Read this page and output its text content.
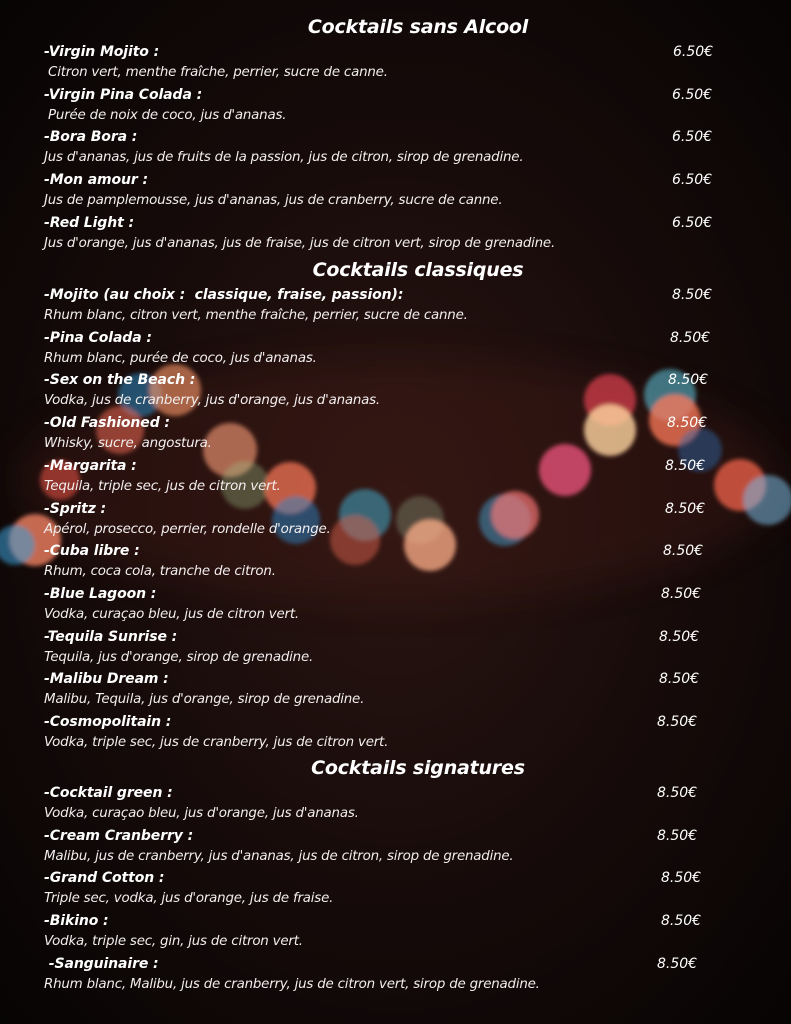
Cocktails sans Alcool
-Virgin Mojito :
Citron vert, menthe fraîche, perrier, sucre de canne.
6.50€
-Virgin Pina Colada :
Purée de noix de coco, jus d'ananas.
6.50€
-Bora Bora :
Jus d'ananas, jus de fruits de la passion, jus de citron, sirop de grenadine.
6.50€
-Mon amour :
Jus de pamplemousse, jus d'ananas, jus de cranberry, sucre de canne.
6.50€
-Red Light :
Jus d'orange, jus d'ananas, jus de fraise, jus de citron vert, sirop de grenadine.
6.50€
Cocktails classiques
-Mojito (au choix :  classique, fraise, passion):
Rhum blanc, citron vert, menthe fraîche, perrier, sucre de canne.
8.50€
-Pina Colada :
Rhum blanc, purée de coco, jus d'ananas.
8.50€
-Sex on the Beach :
Vodka, jus de cranberry, jus d'orange, jus d'ananas.
8.50€
-Old Fashioned :
Whisky, sucre, angostura.
8.50€
-Margarita :
Tequila, triple sec, jus de citron vert.
8.50€
-Spritz :
Apérol, prosecco, perrier, rondelle d'orange.
8.50€
-Cuba libre :
Rhum, coca cola, tranche de citron.
8.50€
-Blue Lagoon :
Vodka, curaçao bleu, jus de citron vert.
8.50€
-Tequila Sunrise :
Tequila, jus d'orange, sirop de grenadine.
8.50€
-Malibu Dream :
Malibu, Tequila, jus d'orange, sirop de grenadine.
8.50€
-Cosmopolitain :
Vodka, triple sec, jus de cranberry, jus de citron vert.
8.50€
Cocktails signatures
-Cocktail green :
Vodka, curaçao bleu, jus d'orange, jus d'ananas.
8.50€
-Cream Cranberry :
Malibu, jus de cranberry, jus d'ananas, jus de citron, sirop de grenadine.
8.50€
-Grand Cotton :
Triple sec, vodka, jus d'orange, jus de fraise.
8.50€
-Bikino :
Vodka, triple sec, gin, jus de citron vert.
8.50€
-Sanguinaire :
Rhum blanc, Malibu, jus de cranberry, jus de citron vert, sirop de grenadine.
8.50€
